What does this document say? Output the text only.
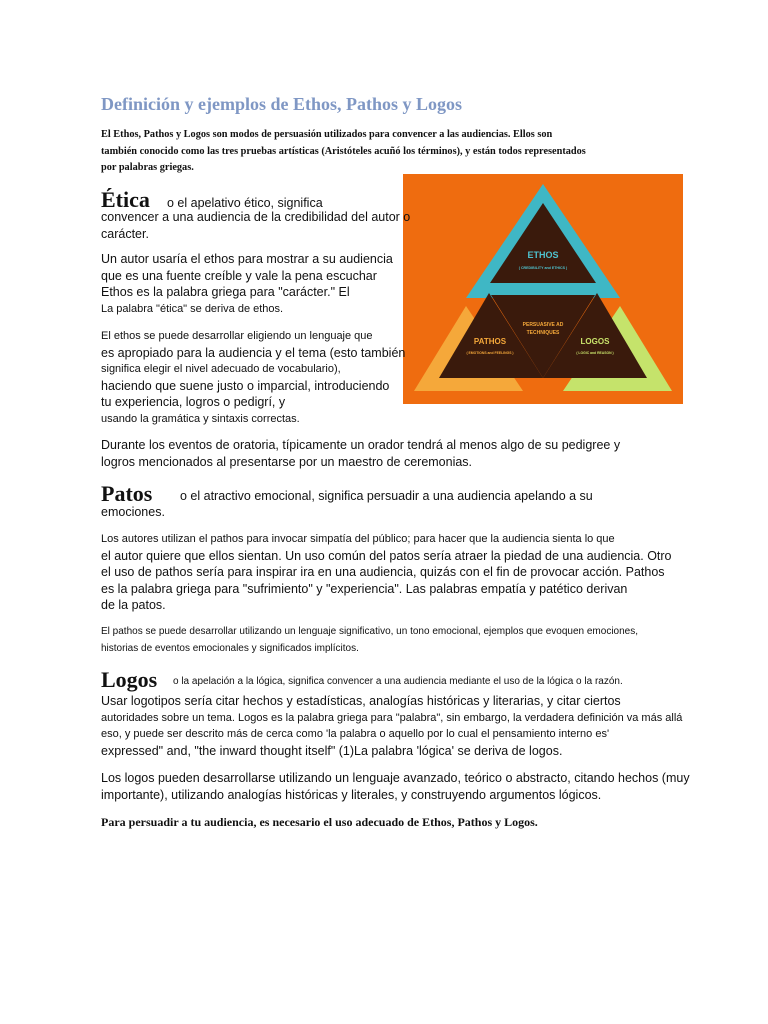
Definición y ejemplos de Ethos, Pathos y Logos

El Ethos, Pathos y Logos son modos de persuasión utilizados para convencer a las audiencias. Ellos son
también conocido como las tres pruebas artísticas (Aristóteles acuñó los términos), y están todos representados
por palabras griegas.

ETHOS
( CREDIBILITY and ETHICS )
PERSUASIVE AD
TECHNIQUES
PATHOS
( EMOTIONS and FEELINGS )
LOGOS
( LOGIC and REASON )
Ética o el apelativo ético, significa

convencer a una audiencia de la credibilidad del autor o
carácter.

Un autor usaría el ethos para mostrar a su audiencia
que es una fuente creíble y vale la pena escuchar
Ethos es la palabra griega para "carácter." El
La palabra "ética" se deriva de ethos.

El ethos se puede desarrollar eligiendo un lenguaje que
es apropiado para la audiencia y el tema (esto también
significa elegir el nivel adecuado de vocabulario),
haciendo que suene justo o imparcial, introduciendo
tu experiencia, logros o pedigrí, y
usando la gramática y sintaxis correctas.

Durante los eventos de oratoria, típicamente un orador tendrá al menos algo de su pedigree y
logros mencionados al presentarse por un maestro de ceremonias.

Patos o el atractivo emocional, significa persuadir a una audiencia apelando a su

emociones.

Los autores utilizan el pathos para invocar simpatía del público; para hacer que la audiencia sienta lo que
el autor quiere que ellos sientan. Un uso común del patos sería atraer la piedad de una audiencia. Otro
el uso de pathos sería para inspirar ira en una audiencia, quizás con el fin de provocar acción. Pathos
es la palabra griega para "sufrimiento" y "experiencia". Las palabras empatía y patético derivan
de la patos.

El pathos se puede desarrollar utilizando un lenguaje significativo, un tono emocional, ejemplos que evoquen emociones,
historias de eventos emocionales y significados implícitos.

Logos o la apelación a la lógica, significa convencer a una audiencia mediante el uso de la lógica o la razón.

Usar logotipos sería citar hechos y estadísticas, analogías históricas y literarias, y citar ciertos
autoridades sobre un tema. Logos es la palabra griega para "palabra", sin embargo, la verdadera definición va más allá
eso, y puede ser descrito más de cerca como 'la palabra o aquello por lo cual el pensamiento interno es'
expressed" and, "the inward thought itself" (1)La palabra 'lógica' se deriva de logos.

Los logos pueden desarrollarse utilizando un lenguaje avanzado, teórico o abstracto, citando hechos (muy
importante), utilizando analogías históricas y literales, y construyendo argumentos lógicos.

Para persuadir a tu audiencia, es necesario el uso adecuado de Ethos, Pathos y Logos.
